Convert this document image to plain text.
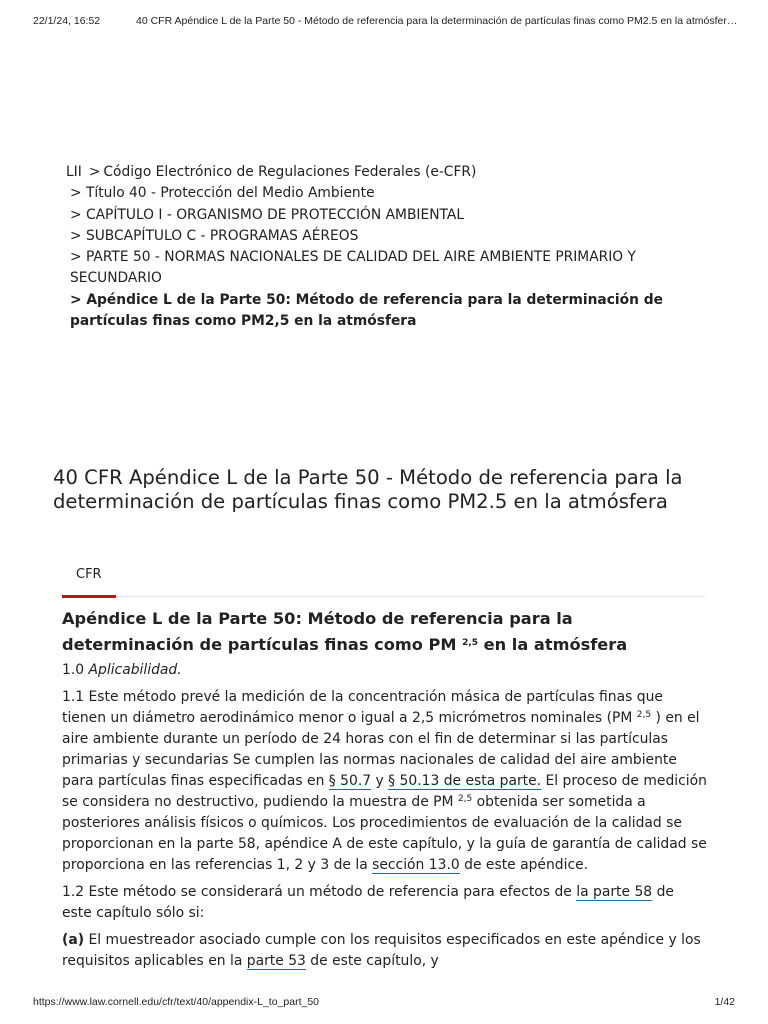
22/1/24, 16:52	40 CFR Apéndice L de la Parte 50 - Método de referencia para la determinación de partículas finas como PM2.5 en la atmósfer…
LII > Código Electrónico de Regulaciones Federales (e-CFR)
> Título 40 - Protección del Medio Ambiente
> CAPÍTULO I - ORGANISMO DE PROTECCIÓN AMBIENTAL
> SUBCAPÍTULO C - PROGRAMAS AÉREOS
> PARTE 50 - NORMAS NACIONALES DE CALIDAD DEL AIRE AMBIENTE PRIMARIO Y SECUNDARIO
> Apéndice L de la Parte 50: Método de referencia para la determinación de partículas finas como PM2,5 en la atmósfera
40 CFR Apéndice L de la Parte 50 - Método de referencia para la determinación de partículas finas como PM2.5 en la atmósfera
CFR
Apéndice L de la Parte 50: Método de referencia para la determinación de partículas finas como PM $^{2,5}$ en la atmósfera

1.0 Aplicabilidad.

1.1 Este método prevé la medición de la concentración másica de partículas finas que tienen un diámetro aerodinámico menor o igual a 2,5 micrómetros nominales (PM $^{2,5}$ ) en el aire ambiente durante un período de 24 horas con el fin de determinar si las partículas primarias y secundarias Se cumplen las normas nacionales de calidad del aire ambiente para partículas finas especificadas en § 50.7 y § 50.13 de esta parte. El proceso de medición se considera no destructivo, pudiendo la muestra de PM $^{2,5}$ obtenida ser sometida a posteriores análisis físicos o químicos. Los procedimientos de evaluación de la calidad se proporcionan en la parte 58, apéndice A de este capítulo, y la guía de garantía de calidad se proporciona en las referencias 1, 2 y 3 de la sección 13.0 de este apéndice.

1.2 Este método se considerará un método de referencia para efectos de la parte 58 de este capítulo sólo si:

(a) El muestreador asociado cumple con los requisitos especificados en este apéndice y los requisitos aplicables en la parte 53 de este capítulo, y

https://www.law.cornell.edu/cfr/text/40/appendix-L_to_part_50	1/42
